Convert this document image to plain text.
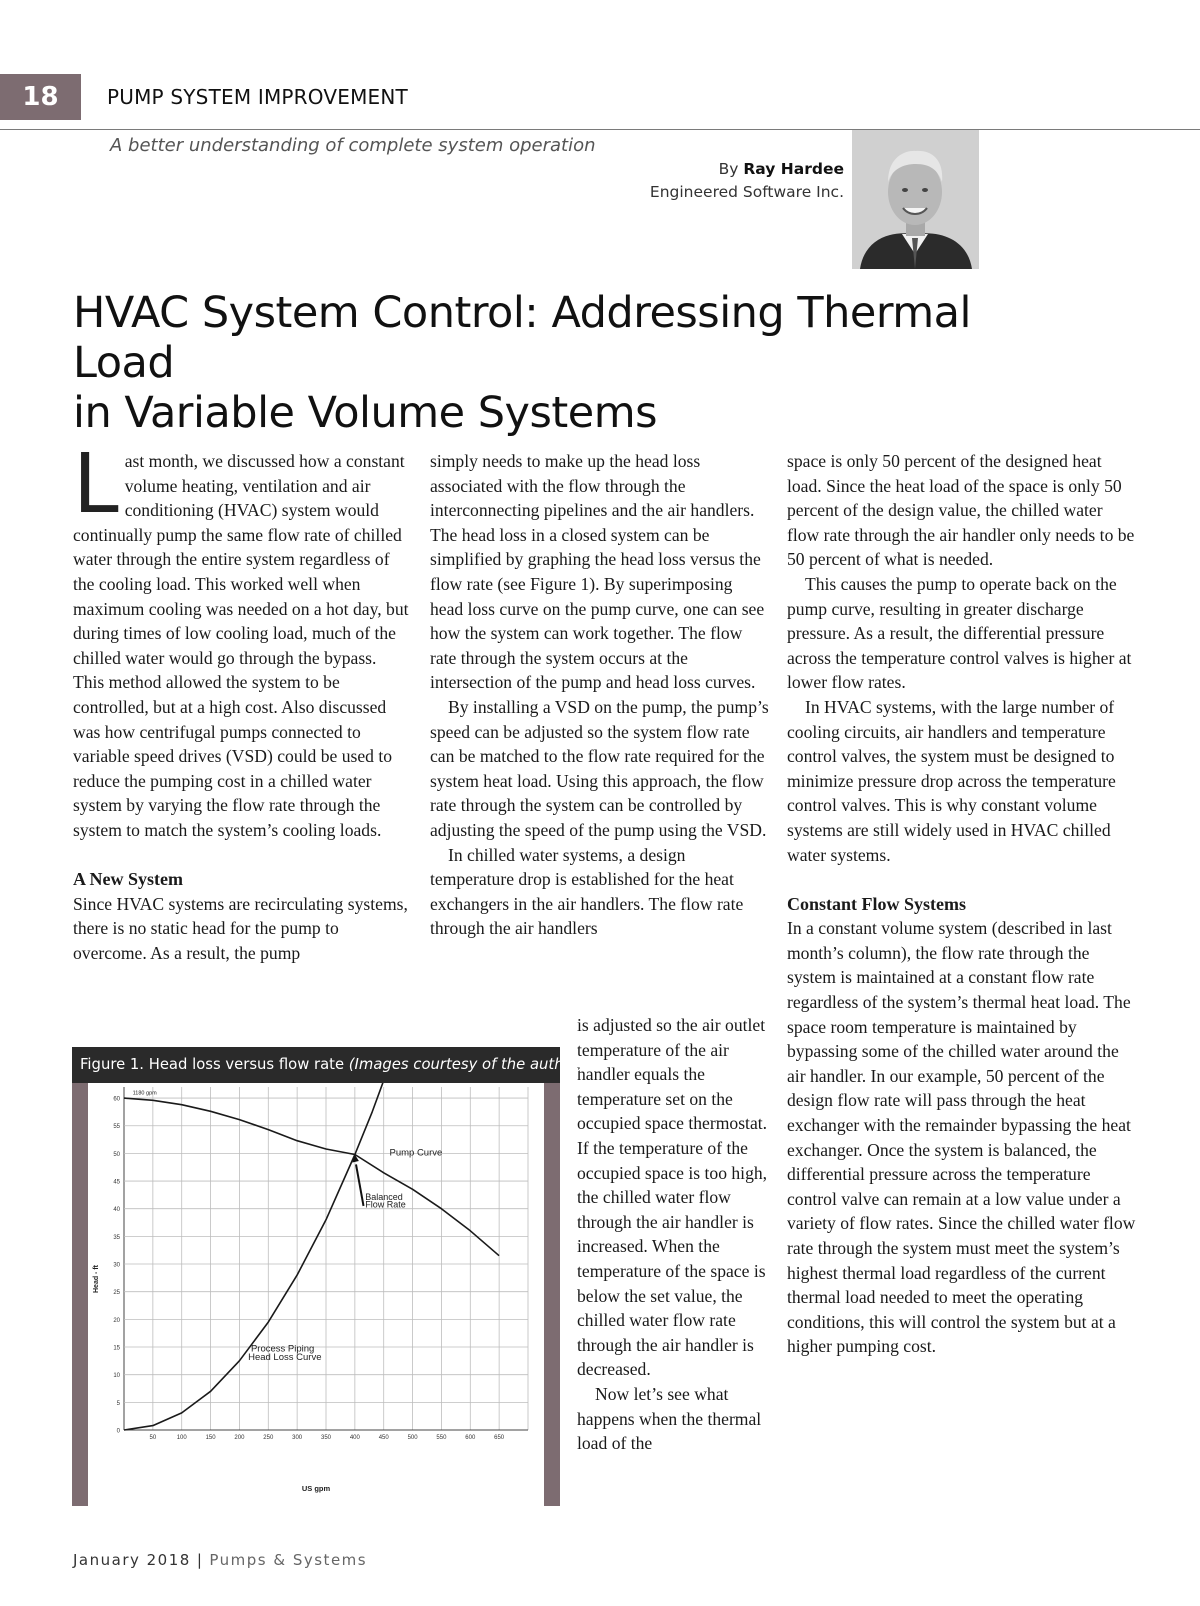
18	PUMP SYSTEM IMPROVEMENT
A better understanding of complete system operation
By Ray Hardee
Engineered Software Inc.
HVAC System Control: Addressing Thermal Load
in Variable Volume Systems

Last month, we discussed how a constant volume heating, ventilation and air conditioning (HVAC) system would continually pump the same flow rate of chilled water through the entire system regardless of the cooling load. This worked well when maximum cooling was needed on a hot day, but during times of low cooling load, much of the chilled water would go through the bypass. This method allowed the system to be controlled, but at a high cost. Also discussed was how centrifugal pumps connected to variable speed drives (VSD) could be used to reduce the pumping cost in a chilled water system by varying the flow rate through the system to match the system’s cooling loads.

A New System

Since HVAC systems are recirculating systems, there is no static head for the pump to overcome. As a result, the pump

simply needs to make up the head loss associated with the flow through the interconnecting pipelines and the air handlers. The head loss in a closed system can be simplified by graphing the head loss versus the flow rate (see Figure 1). By superimposing head loss curve on the pump curve, one can see how the system can work together. The flow rate through the system occurs at the intersection of the pump and head loss curves.

By installing a VSD on the pump, the pump’s speed can be adjusted so the system flow rate can be matched to the flow rate required for the system heat load. Using this approach, the flow rate through the system can be controlled by adjusting the speed of the pump using the VSD.

In chilled water systems, a design temperature drop is established for the heat exchangers in the air handlers. The flow rate through the air handlers

is adjusted so the air outlet temperature of the air handler equals the temperature set on the occupied space thermostat. If the temperature of the occupied space is too high, the chilled water flow through the air handler is increased. When the temperature of the space is below the set value, the chilled water flow rate through the air handler is decreased.

Now let’s see what happens when the thermal load of the

space is only 50 percent of the designed heat load. Since the heat load of the space is only 50 percent of the design value, the chilled water flow rate through the air handler only needs to be 50 percent of what is needed.

This causes the pump to operate back on the pump curve, resulting in greater discharge pressure. As a result, the differential pressure across the temperature control valves is higher at lower flow rates.

In HVAC systems, with the large number of cooling circuits, air handlers and temperature control valves, the system must be designed to minimize pressure drop across the temperature control valves. This is why constant volume systems are still widely used in HVAC chilled water systems.

Constant Flow Systems

In a constant volume system (described in last month’s column), the flow rate through the system is maintained at a constant flow rate regardless of the system’s thermal heat load. The space room temperature is maintained by bypassing some of the chilled water around the air handler. In our example, 50 percent of the design flow rate will pass through the heat exchanger with the remainder bypassing the heat exchanger. Once the system is balanced, the differential pressure across the temperature control valve can remain at a low value under a variety of flow rates. Since the chilled water flow rate through the system must meet the system’s highest thermal load regardless of the current thermal load needed to meet the operating conditions, this will control the system but at a higher pumping cost.

Figure 1. Head loss versus flow rate (Images courtesy of the author)
0
5
10
15
20
25
30
35
40
45
50
55
60
50	100	150	200	250	300	350	400	450	500	550	600	650
1180 gpm
Pump Curve
Balanced
Flow Rate
Process Piping
Head Loss Curve
Head - ft
US gpm
January 2018 | Pumps & Systems
